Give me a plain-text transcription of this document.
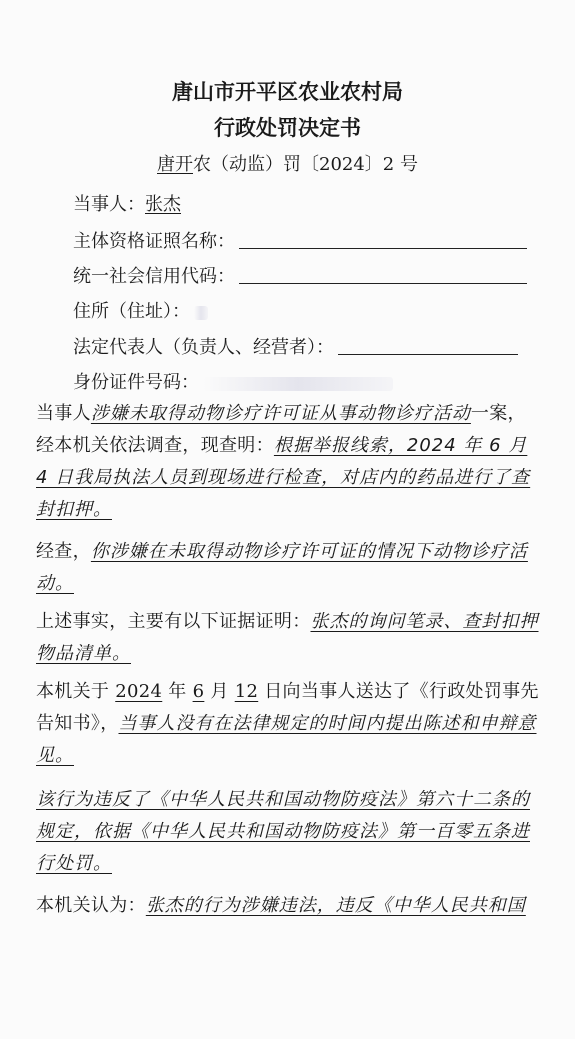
唐山市开平区农业农村局
行政处罚决定书
唐开农（动监）罚〔2024〕2 号
当事人： 张杰
主体资格证照名称：
统一社会信用代码：
住所（住址）：
法定代表人（负责人、经营者）：
身份证件号码：
当事人涉嫌未取得动物诊疗许可证从事动物诊疗活动一案，经本机关依法调查，现查明：根据举报线索，2024 年 6 月 4 日我局执法人员到现场进行检查，对店内的药品进行了查封扣押。
经查，你涉嫌在未取得动物诊疗许可证的情况下动物诊疗活动。
上述事实，主要有以下证据证明：张杰的询问笔录、查封扣押物品清单。
本机关于 2024 年 6 月 12 日向当事人送达了《行政处罚事先告知书》，当事人没有在法律规定的时间内提出陈述和申辩意见。
该行为违反了《中华人民共和国动物防疫法》第六十二条的规定，依据《中华人民共和国动物防疫法》第一百零五条进行处罚。
本机关认为：张杰的行为涉嫌违法，违反《中华人民共和国
